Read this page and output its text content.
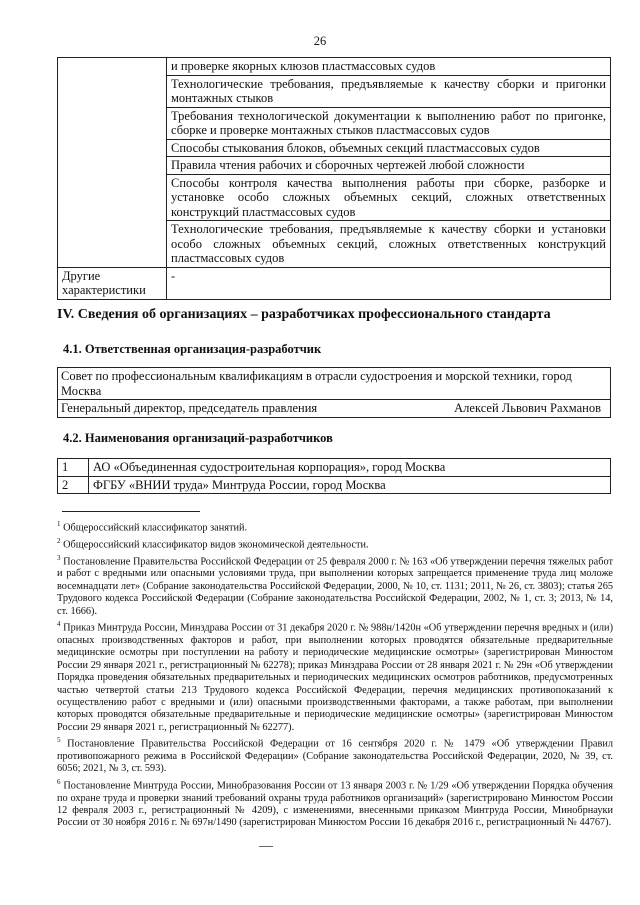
26
	и проверке якорных клюзов пластмассовых судов
	Технологические требования, предъявляемые к качеству сборки и пригонки монтажных стыков
	Требования технологической документации к выполнению работ по пригонке, сборке и проверке монтажных стыков пластмассовых судов
	Способы стыкования блоков, объемных секций пластмассовых судов
	Правила чтения рабочих и сборочных чертежей любой сложности
	Способы контроля качества выполнения работы при сборке, разборке и установке особо сложных объемных секций, сложных ответственных конструкций пластмассовых судов
	Технологические требования, предъявляемые к качеству сборки и установки особо сложных объемных секций, сложных ответственных конструкций пластмассовых судов
Другие характеристики	-
IV. Сведения об организациях – разработчиках профессионального стандарта
4.1. Ответственная организация-разработчик
Совет по профессиональным квалификациям в отрасли судостроения и морской техники, город Москва
Генеральный директор, председатель правления	Алексей Львович Рахманов
4.2. Наименования организаций-разработчиков
1	АО «Объединенная судостроительная корпорация», город Москва
2	ФГБУ «ВНИИ труда» Минтруда России, город Москва

$^1$ Общероссийский классификатор занятий.

$^2$ Общероссийский классификатор видов экономической деятельности.

$^3$ Постановление Правительства Российской Федерации от 25 февраля 2000 г. № 163 «Об утверждении перечня тяжелых работ и работ с вредными или опасными условиями труда, при выполнении которых запрещается применение труда лиц моложе восемнадцати лет» (Собрание законодательства Российской Федерации, 2000, № 10, ст. 1131; 2011, № 26, ст. 3803); статья 265 Трудового кодекса Российской Федерации (Собрание законодательства Российской Федерации, 2002, № 1, ст. 3; 2013, № 14, ст. 1666).

$^4$ Приказ Минтруда России, Минздрава России от 31 декабря 2020 г. № 988н/1420н «Об утверждении перечня вредных и (или) опасных производственных факторов и работ, при выполнении которых проводятся обязательные предварительные медицинские осмотры при поступлении на работу и периодические медицинские осмотры» (зарегистрирован Минюстом России 29 января 2021 г., регистрационный № 62278); приказ Минздрава России от 28 января 2021 г. № 29н «Об утверждении Порядка проведения обязательных предварительных и периодических медицинских осмотров работников, предусмотренных частью четвертой статьи 213 Трудового кодекса Российской Федерации, перечня медицинских противопоказаний к осуществлению работ с вредными и (или) опасными производственными факторами, а также работам, при выполнении которых проводятся обязательные предварительные и периодические медицинские осмотры» (зарегистрирован Минюстом России 29 января 2021 г., регистрационный № 62277).

$^5$ Постановление Правительства Российской Федерации от 16 сентября 2020 г. № 1479 «Об утверждении Правил противопожарного режима в Российской Федерации» (Собрание законодательства Российской Федерации, 2020, № 39, ст. 6056; 2021, № 3, ст. 593).

$^6$ Постановление Минтруда России, Минобразования России от 13 января 2003 г. № 1/29 «Об утверждении Порядка обучения по охране труда и проверки знаний требований охраны труда работников организаций» (зарегистрировано Минюстом России 12 февраля 2003 г., регистрационный № 4209), с изменениями, внесенными приказом Минтруда России, Минобрнауки России от 30 ноября 2016 г. № 697н/1490 (зарегистрирован Минюстом России 16 декабря 2016 г., регистрационный № 44767).
